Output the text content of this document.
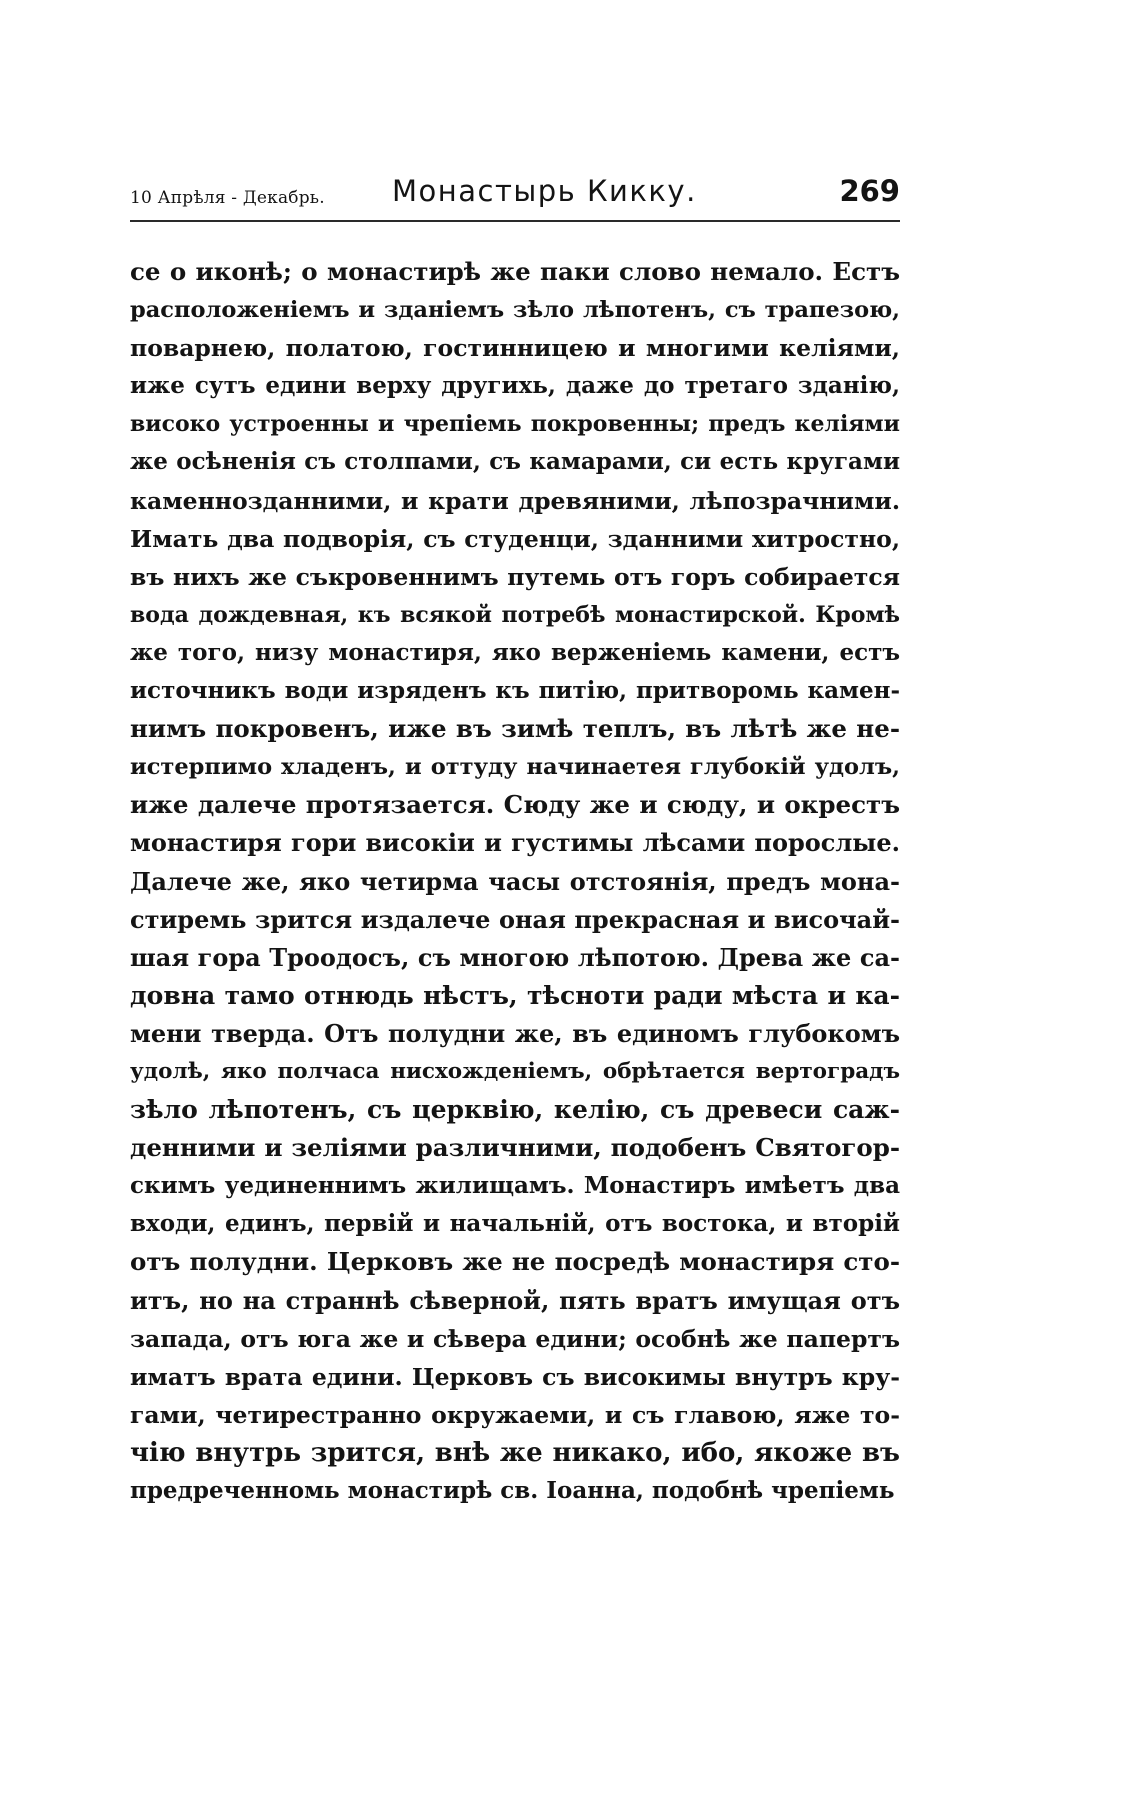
10 Апрѣля - Декабрь. Монастырь Кикку.	269
се о иконѣ; о монастирѣ же паки слово немало. Естъ
расположенiемъ и зданiемъ зѣло лѣпотенъ, съ трапезою,
поварнею, полатою, гостинницею и многими келiями,
иже сутъ едини верху другихь, даже до третаго зданiю,
високо устроенны и чрепiемь покровенны; предъ келiями
же осѣненiя съ столпами, съ камарами, си есть кругами
каменнозданними, и крати древяними, лѣпозрачними.
Имать два подворiя, съ студенци, зданними хитростно,
въ нихъ же съкровеннимъ путемь отъ горъ собирается
вода дождевная, къ всякой потребѣ монастирской. Кромѣ
же того, низу монастиря, яко верженiемь камени, естъ
источникъ води изряденъ къ питiю, притворомь камен-
нимъ покровенъ, иже въ зимѣ теплъ, въ лѣтѣ же не-
истерпимо хладенъ, и оттуду начинаетея глубокiй удолъ,
иже далече протязается. Сюду же и сюду, и окрестъ
монастиря гори високiи и густимы лѣсами порослые.
Далече же, яко четирма часы отстоянiя, предъ мона-
стиремь зрится издалече оная прекрасная и височай-
шая гора Троодосъ, съ многою лѣпотою. Древа же са-
довна тамо отнюдь нѣстъ, тѣсноти ради мѣста и ка-
мени тверда. Отъ полудни же, въ единомъ глубокомъ
удолѣ, яко полчаса нисхожденiемъ, обрѣтается вертоградъ
зѣло лѣпотенъ, съ церквiю, келiю, съ древеси саж-
денними и зелiями различними, подобенъ Святогор-
скимъ уединеннимъ жилищамъ. Монастиръ имѣетъ два
входи, единъ, первiй и начальнiй, отъ востока, и вторiй
отъ полудни. Церковъ же не посредѣ монастиря сто-
итъ, но на страннѣ сѣверной, пять вратъ имущая отъ
запада, отъ юга же и сѣвера едини; особнѣ же папертъ
иматъ врата едини. Церковъ съ високимы внутръ кру-
гами, четирестранно окружаеми, и съ главою, яже то-
чiю внутрь зрится, внѣ же никако, ибо, якоже въ
предреченномь монастирѣ св. Iоанна, подобнѣ чрепiемь
